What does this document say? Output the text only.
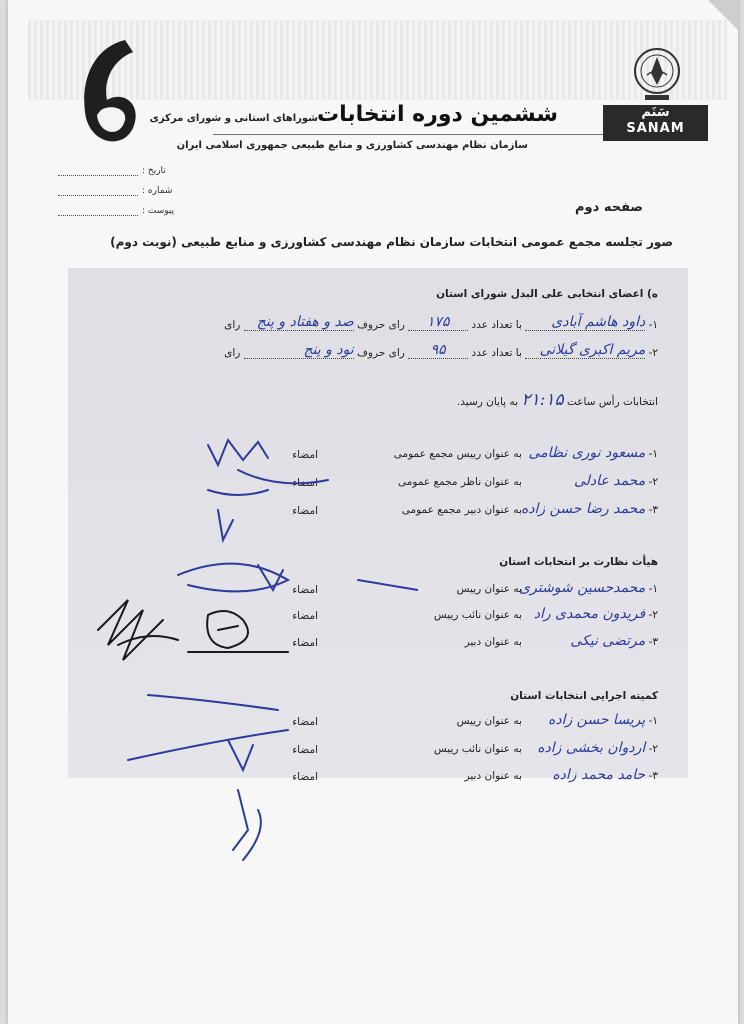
6
ششمین دوره انتخابات
شوراهای استانی و شورای مرکزی
سازمان نظام مهندسی کشاورزی و منابع طبیعی جمهوری اسلامی ایران
سَنَم
SANAM
تاریخ :
شماره :
پیوست :	صفحه دوم
صور تجلسه مجمع عمومی انتخابات سازمان نظام مهندسی کشاورزی و منابع طبیعی (نوبت دوم)
ه) اعضای انتخابی علی البدل شورای استان
۱- داود هاشم آبادی با تعداد عدد ۱۷۵ رای حروف صد و هفتاد و پنج رای
۲- مریم اکبری گیلانی با تعداد عدد ۹۵ رای حروف نود و پنج رای
انتخابات رأس ساعت ۲۱:۱۵ به پایان رسید.
۱- مسعود نوری نظامی به عنوان رییس مجمع عمومی
امضاء
۲- محمد عادلی به عنوان ناظر مجمع عمومی
امضاء
۳- محمد رضا حسن زاده به عنوان دبیر مجمع عمومی
امضاء
هیأت نظارت بر انتخابات استان
۱- محمدحسین شوشتری به عنوان رییس
امضاء
۲- فریدون محمدی راد به عنوان نائب رییس
امضاء
۳- مرتضی نیکی به عنوان دبیر
امضاء
کمیته اجرایی انتخابات استان
۱- پریسا حسن زاده به عنوان رییس
امضاء
۲- اردوان بخشی زاده به عنوان نائب رییس
امضاء
۳- حامد محمد زاده به عنوان دبیر
امضاء
